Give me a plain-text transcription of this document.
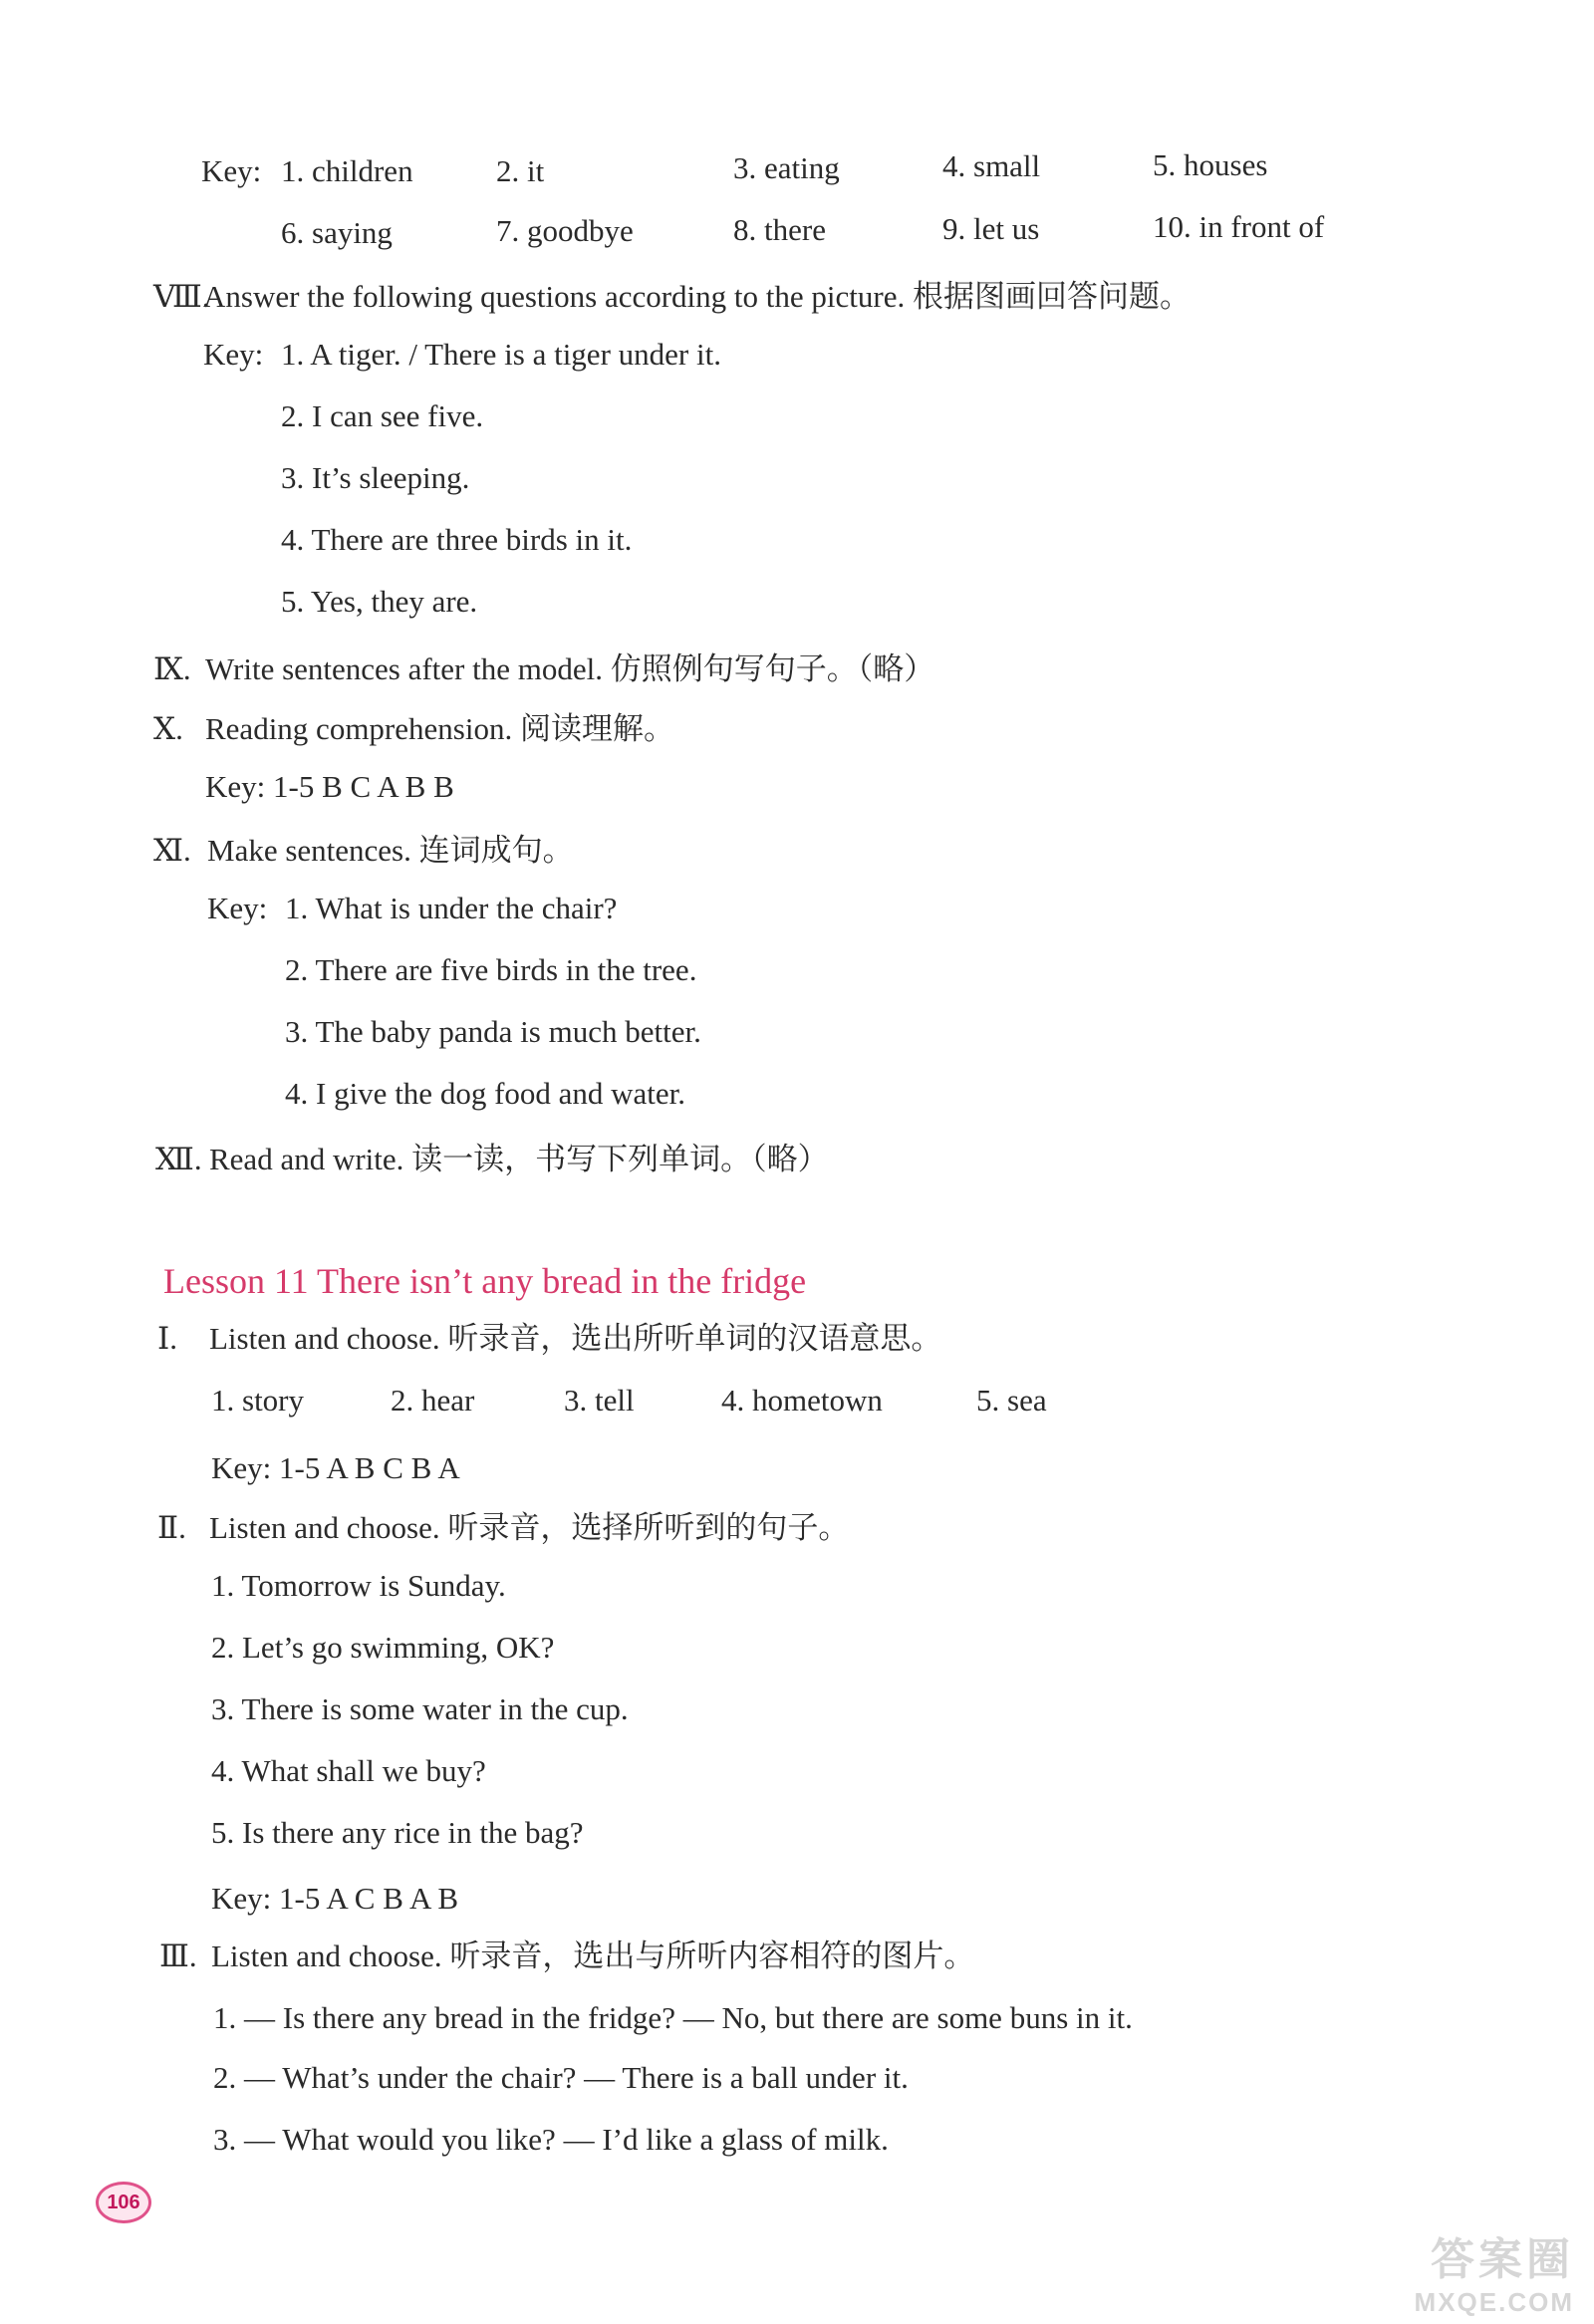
Key: 1. children	2. it	3. eating	4. small	5. houses
6. saying	7. goodbye	8. there	9. let us	10. in front of
Ⅷ.
Answer the following questions according to the picture. 根据图画回答问题。
Key: 1. A tiger. / There is a tiger under it.
2. I can see five.
3. It’s sleeping.
4. There are three birds in it.
5. Yes, they are.
Ⅸ. Write sentences after the model. 仿照例句写句子。（略）
Ⅹ. Reading comprehension. 阅读理解。
Key: 1-5 B C A B B
Ⅺ. Make sentences. 连词成句。
Key: 1. What is under the chair?
2. There are five birds in the tree.
3. The baby panda is much better.
4. I give the dog food and water.
Ⅻ. Read and write. 读一读，书写下列单词。（略）
Lesson 11 There isn’t any bread in the fridge
Ⅰ. Listen and choose. 听录音，选出所听单词的汉语意思。
1. story	2. hear	3. tell	4. hometown	5. sea
Key: 1-5 A B C B A
Ⅱ. Listen and choose. 听录音，选择所听到的句子。
1. Tomorrow is Sunday.
2. Let’s go swimming, OK?
3. There is some water in the cup.
4. What shall we buy?
5. Is there any rice in the bag?
Key: 1-5 A C B A B
Ⅲ. Listen and choose. 听录音，选出与所听内容相符的图片。
1. — Is there any bread in the fridge? — No, but there are some buns in it.
2. — What’s under the chair? — There is a ball under it.
3. — What would you like? — I’d like a glass of milk.
106
答案圈
MXQE.COM
